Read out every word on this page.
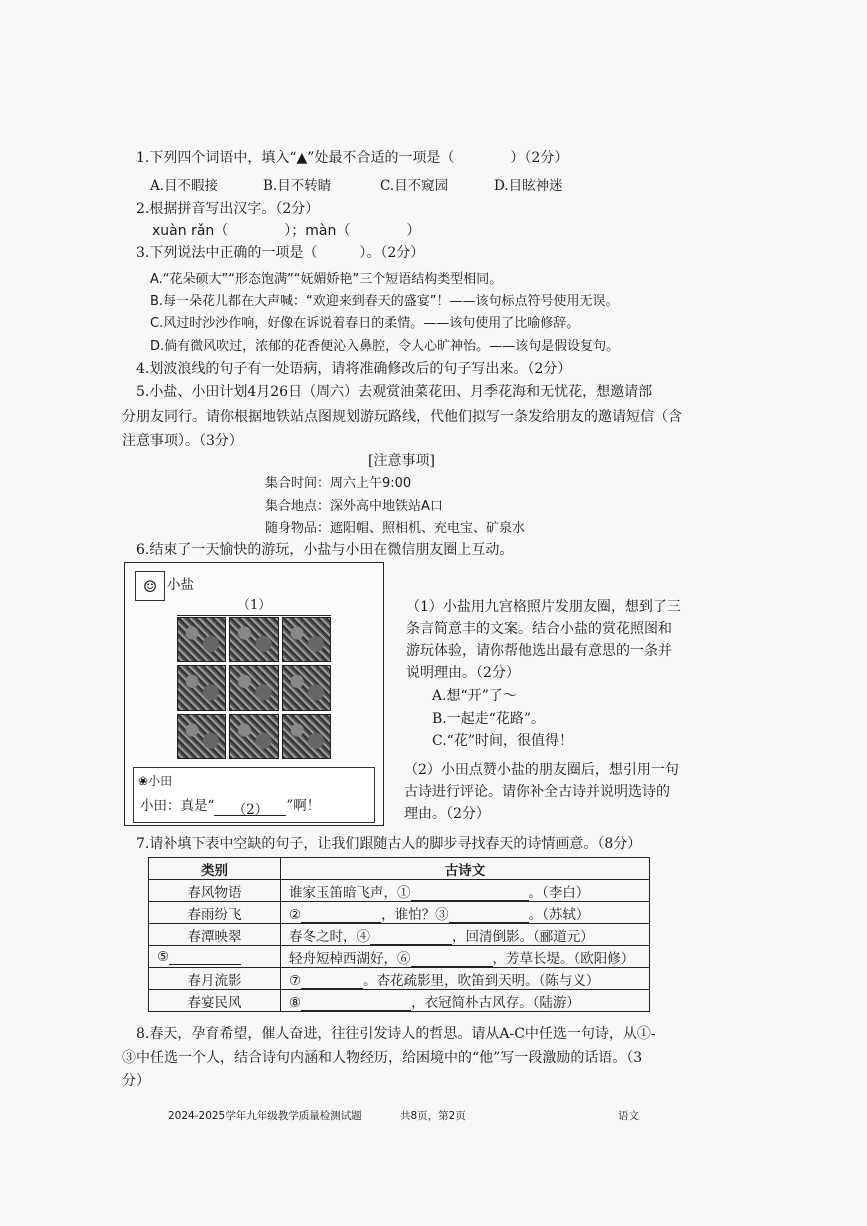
1.下列四个词语中，填入“▲”处最不合适的一项是（　　　　）（2分）
A.目不暇接	B.目不转睛	C.目不窥园	D.目眩神迷
2.根据拼音写出汉字。（2分）
xuàn rǎn（　　　　）；màn（　　　　）
3.下列说法中正确的一项是（　　　）。（2分）
A.“花朵硕大”“形态饱满”“妩媚娇艳”三个短语结构类型相同。
B.每一朵花儿都在大声喊：“欢迎来到春天的盛宴”！——该句标点符号使用无误。
C.风过时沙沙作响，好像在诉说着春日的柔情。——该句使用了比喻修辞。
D.倘有微风吹过，浓郁的花香便沁入鼻腔，令人心旷神怡。——该句是假设复句。
4.划波浪线的句子有一处语病，请将准确修改后的句子写出来。（2分）
5.小盐、小田计划4月26日（周六）去观赏油菜花田、月季花海和无忧花，想邀请部
分朋友同行。请你根据地铁站点图规划游玩路线，代他们拟写一条发给朋友的邀请短信（含
注意事项）。（3分）
[注意事项]
集合时间：周六上午9:00
集合地点：深外高中地铁站A口
随身物品：遮阳帽、照相机、充电宝、矿泉水
6.结束了一天愉快的游玩，小盐与小田在微信朋友圈上互动。
☺ 小盐
（1）
❀小田
小田：真是“ （2） ”啊！
（1）小盐用九宫格照片发朋友圈，想到了三
条言简意丰的文案。结合小盐的赏花照图和
游玩体验，请你帮他选出最有意思的一条并
说明理由。（2分）
A.想“开”了～
B.一起走“花路”。
C.“花”时间，很值得！
（2）小田点赞小盐的朋友圈后，想引用一句
古诗进行评论。请你补全古诗并说明选诗的
理由。（2分）
7.请补填下表中空缺的句子，让我们跟随古人的脚步寻找春天的诗情画意。（8分）
类别	古诗文
春风物语	谁家玉笛暗飞声，① 。（李白）
春雨纷飞	② ，谁怕？③ 。（苏轼）
春潭映翠	春冬之时，④ ，回清倒影。（郦道元）
⑤	轻舟短棹西湖好，⑥ ，芳草长堤。（欧阳修）
春月流影	⑦ 。杏花疏影里，吹笛到天明。（陈与义）
春宴民风	⑧ ，衣冠简朴古风存。（陆游）
8.春天，孕育希望，催人奋进，往往引发诗人的哲思。请从A-C中任选一句诗，从①-
③中任选一个人，结合诗句内涵和人物经历，给困境中的“他”写一段激励的话语。（3
分）
2024-2025学年九年级教学质量检测试题	共8页，第2页	语文
